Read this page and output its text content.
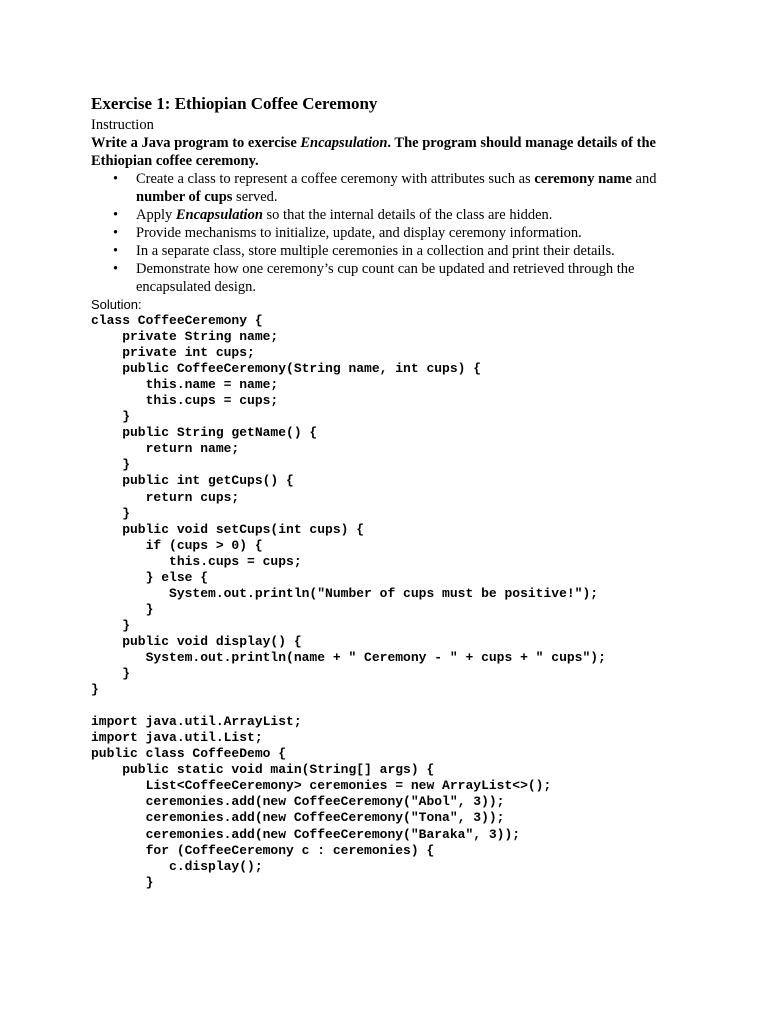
Exercise 1: Ethiopian Coffee Ceremony

Instruction

Write a Java program to exercise Encapsulation. The program should manage details of the Ethiopian coffee ceremony.

• Create a class to represent a coffee ceremony with attributes such as ceremony name and number of cups served.
• Apply Encapsulation so that the internal details of the class are hidden.
• Provide mechanisms to initialize, update, and display ceremony information.
• In a separate class, store multiple ceremonies in a collection and print their details.
• Demonstrate how one ceremony’s cup count can be updated and retrieved through the encapsulated design.

Solution:

class CoffeeCeremony {
private String name;
private int cups;
public CoffeeCeremony(String name, int cups) {
this.name = name;
this.cups = cups;
}
public String getName() {
return name;
}
public int getCups() {
return cups;
}
public void setCups(int cups) {
if (cups > 0) {
this.cups = cups;
} else {
System.out.println("Number of cups must be positive!");
}
}
public void display() {
System.out.println(name + " Ceremony - " + cups + " cups");
}
}

import java.util.ArrayList;
import java.util.List;
public class CoffeeDemo {
public static void main(String[] args) {
List<CoffeeCeremony> ceremonies = new ArrayList<>();
ceremonies.add(new CoffeeCeremony("Abol", 3));
ceremonies.add(new CoffeeCeremony("Tona", 3));
ceremonies.add(new CoffeeCeremony("Baraka", 3));
for (CoffeeCeremony c : ceremonies) {
c.display();
}
